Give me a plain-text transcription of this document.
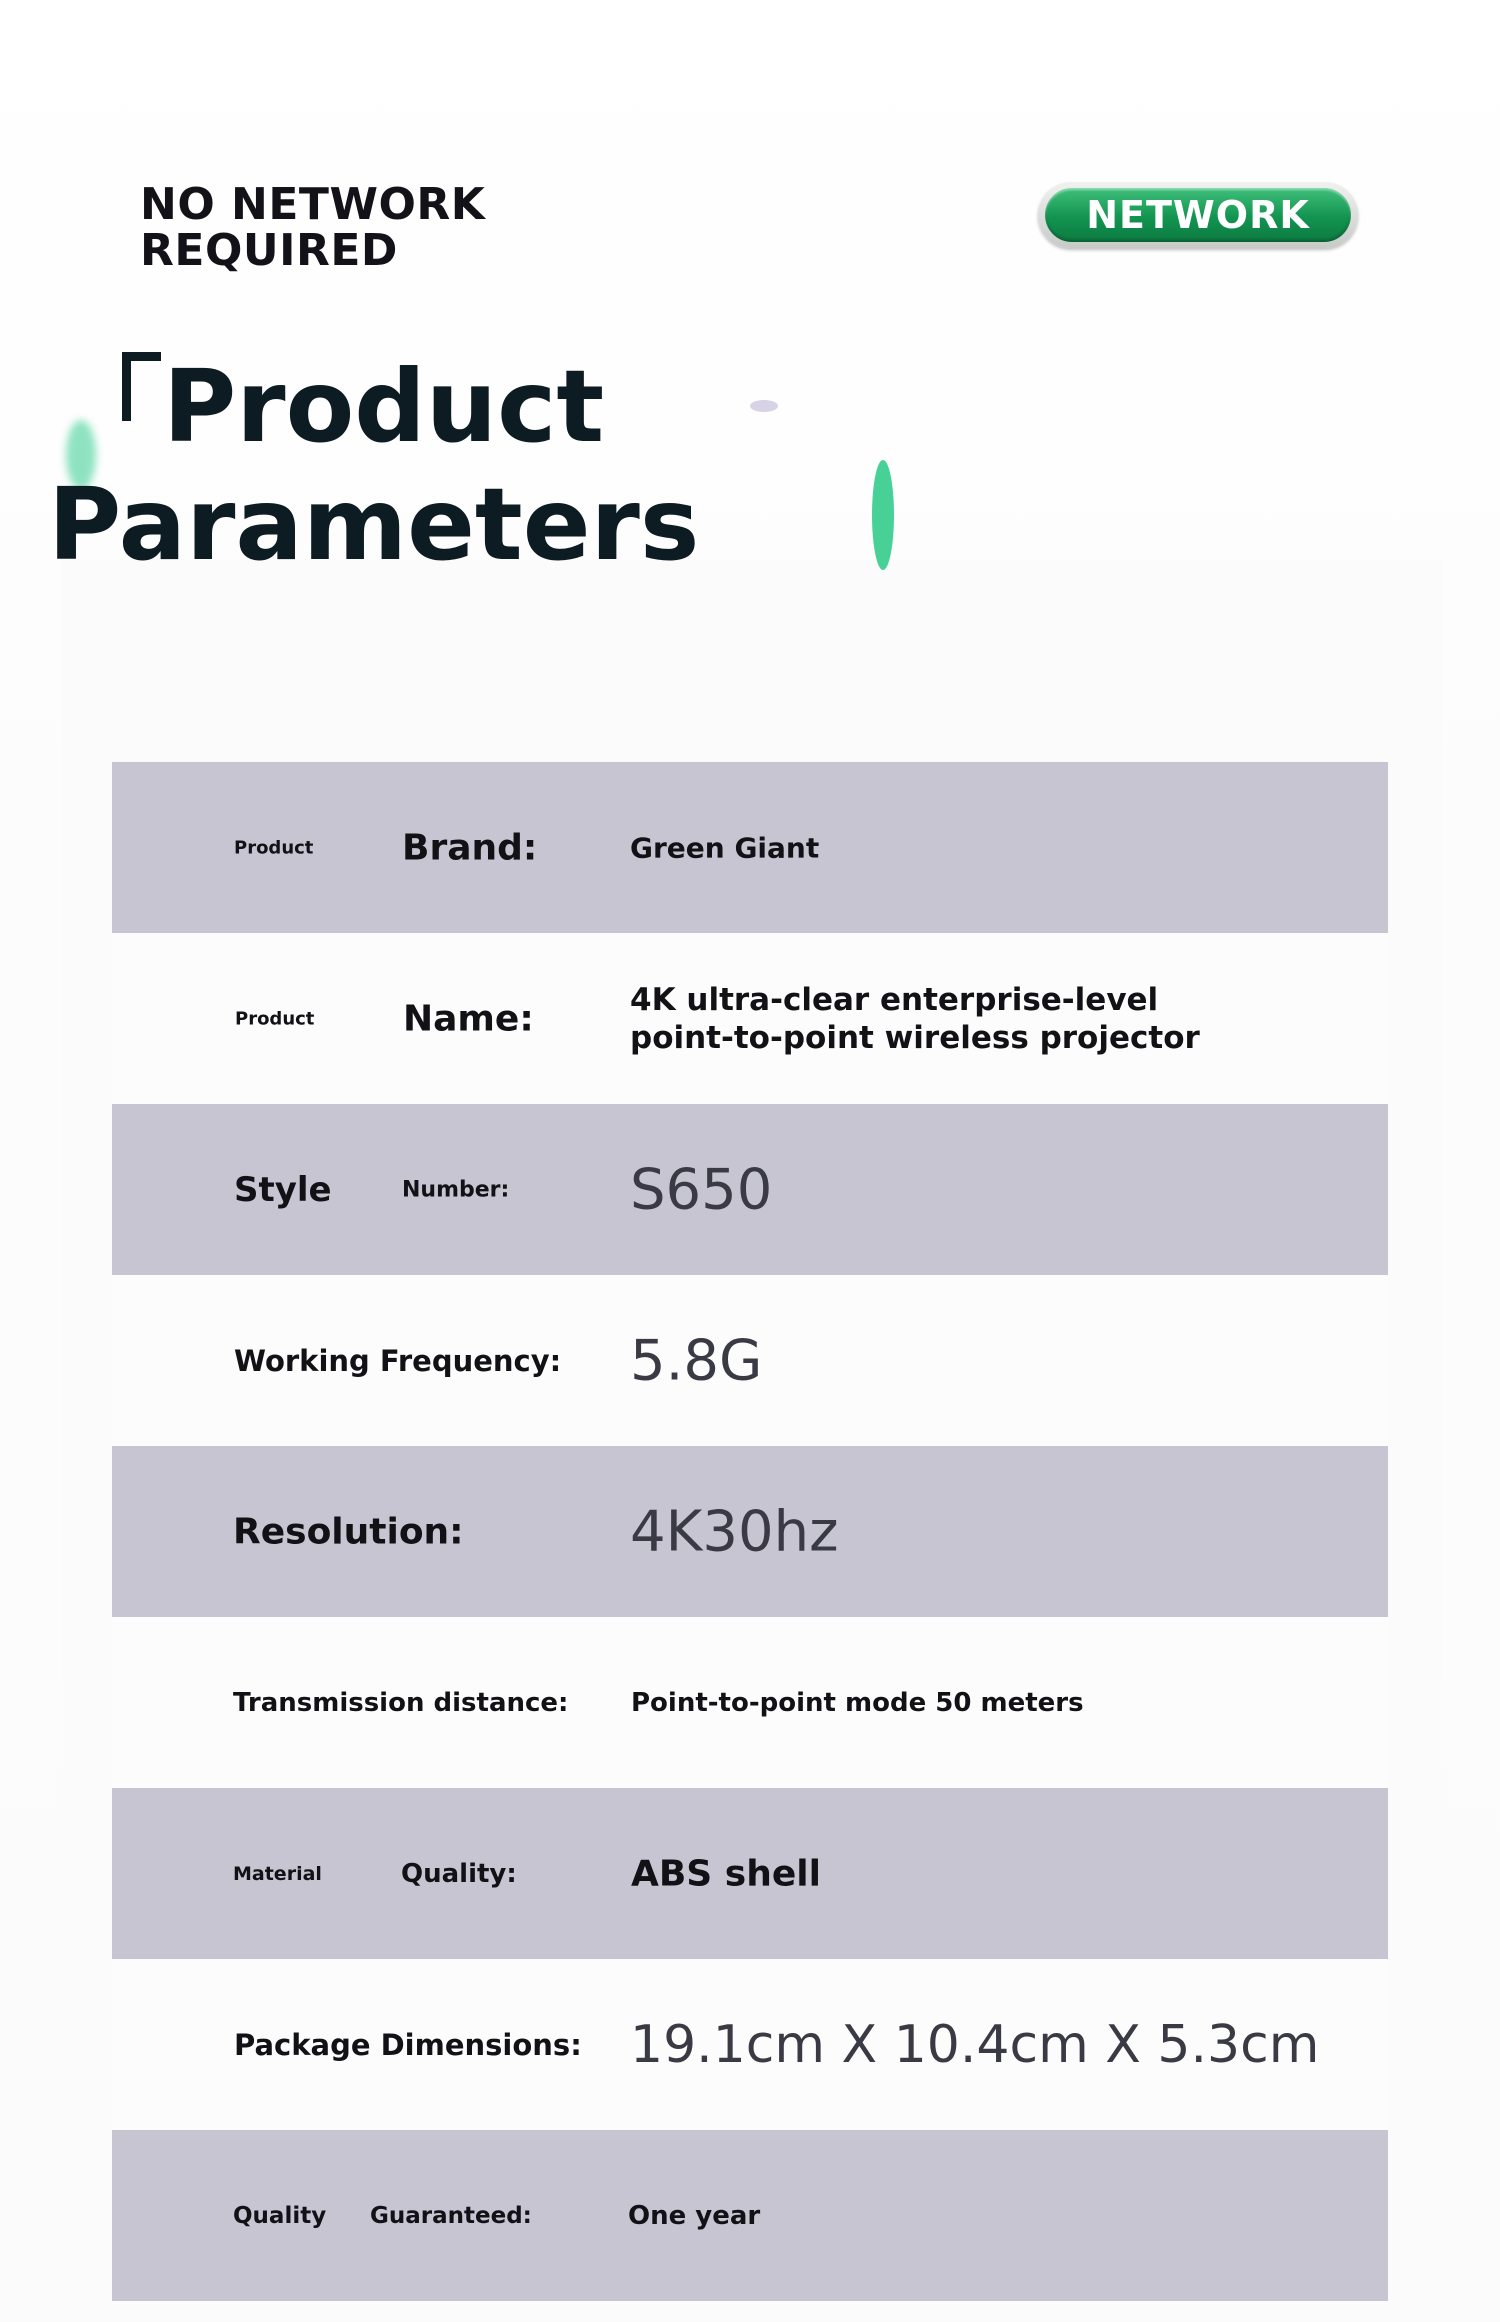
NO NETWORK
REQUIRED
NETWORK
Product
Parameters
Product Brand:	Green Giant
Product Name:	4K ultra-clear enterprise-level
point-to-point wireless projector
Style	Number: S650
Working Frequency: 5.8G
Resolution:	4K30hz
Transmission distance: Point-to-point mode 50 meters
Material	Quality:	ABS shell
Package Dimensions: 19.1cm X 10.4cm X 5.3cm
Quality Guaranteed:	One year
